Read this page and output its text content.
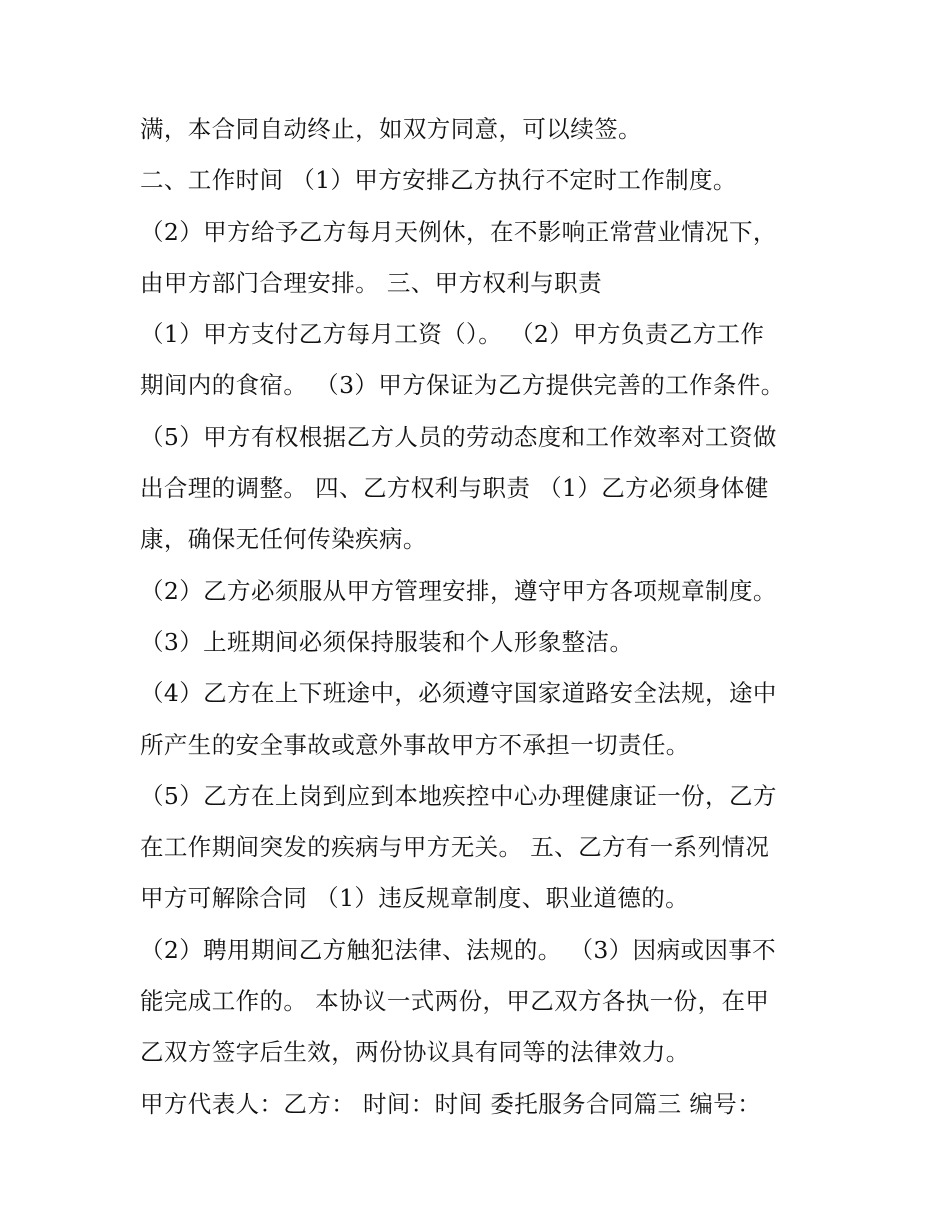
满，本合同自动终止，如双方同意，可以续签。
二、工作时间 （1）甲方安排乙方执行不定时工作制度。
（2）甲方给予乙方每月天例休，在不影响正常营业情况下，
由甲方部门合理安排。 三、甲方权利与职责
（1）甲方支付乙方每月工资（）。 （2）甲方负责乙方工作
期间内的食宿。 （3）甲方保证为乙方提供完善的工作条件。
（5）甲方有权根据乙方人员的劳动态度和工作效率对工资做
出合理的调整。 四、乙方权利与职责 （1）乙方必须身体健
康，确保无任何传染疾病。
（2）乙方必须服从甲方管理安排，遵守甲方各项规章制度。
（3）上班期间必须保持服装和个人形象整洁。
（4）乙方在上下班途中，必须遵守国家道路安全法规，途中
所产生的安全事故或意外事故甲方不承担一切责任。
（5）乙方在上岗到应到本地疾控中心办理健康证一份，乙方
在工作期间突发的疾病与甲方无关。 五、乙方有一系列情况
甲方可解除合同 （1）违反规章制度、职业道德的。
（2）聘用期间乙方触犯法律、法规的。 （3）因病或因事不
能完成工作的。 本协议一式两份，甲乙双方各执一份，在甲
乙双方签字后生效，两份协议具有同等的法律效力。
甲方代表人：乙方： 时间：时间 委托服务合同篇三 编号：
